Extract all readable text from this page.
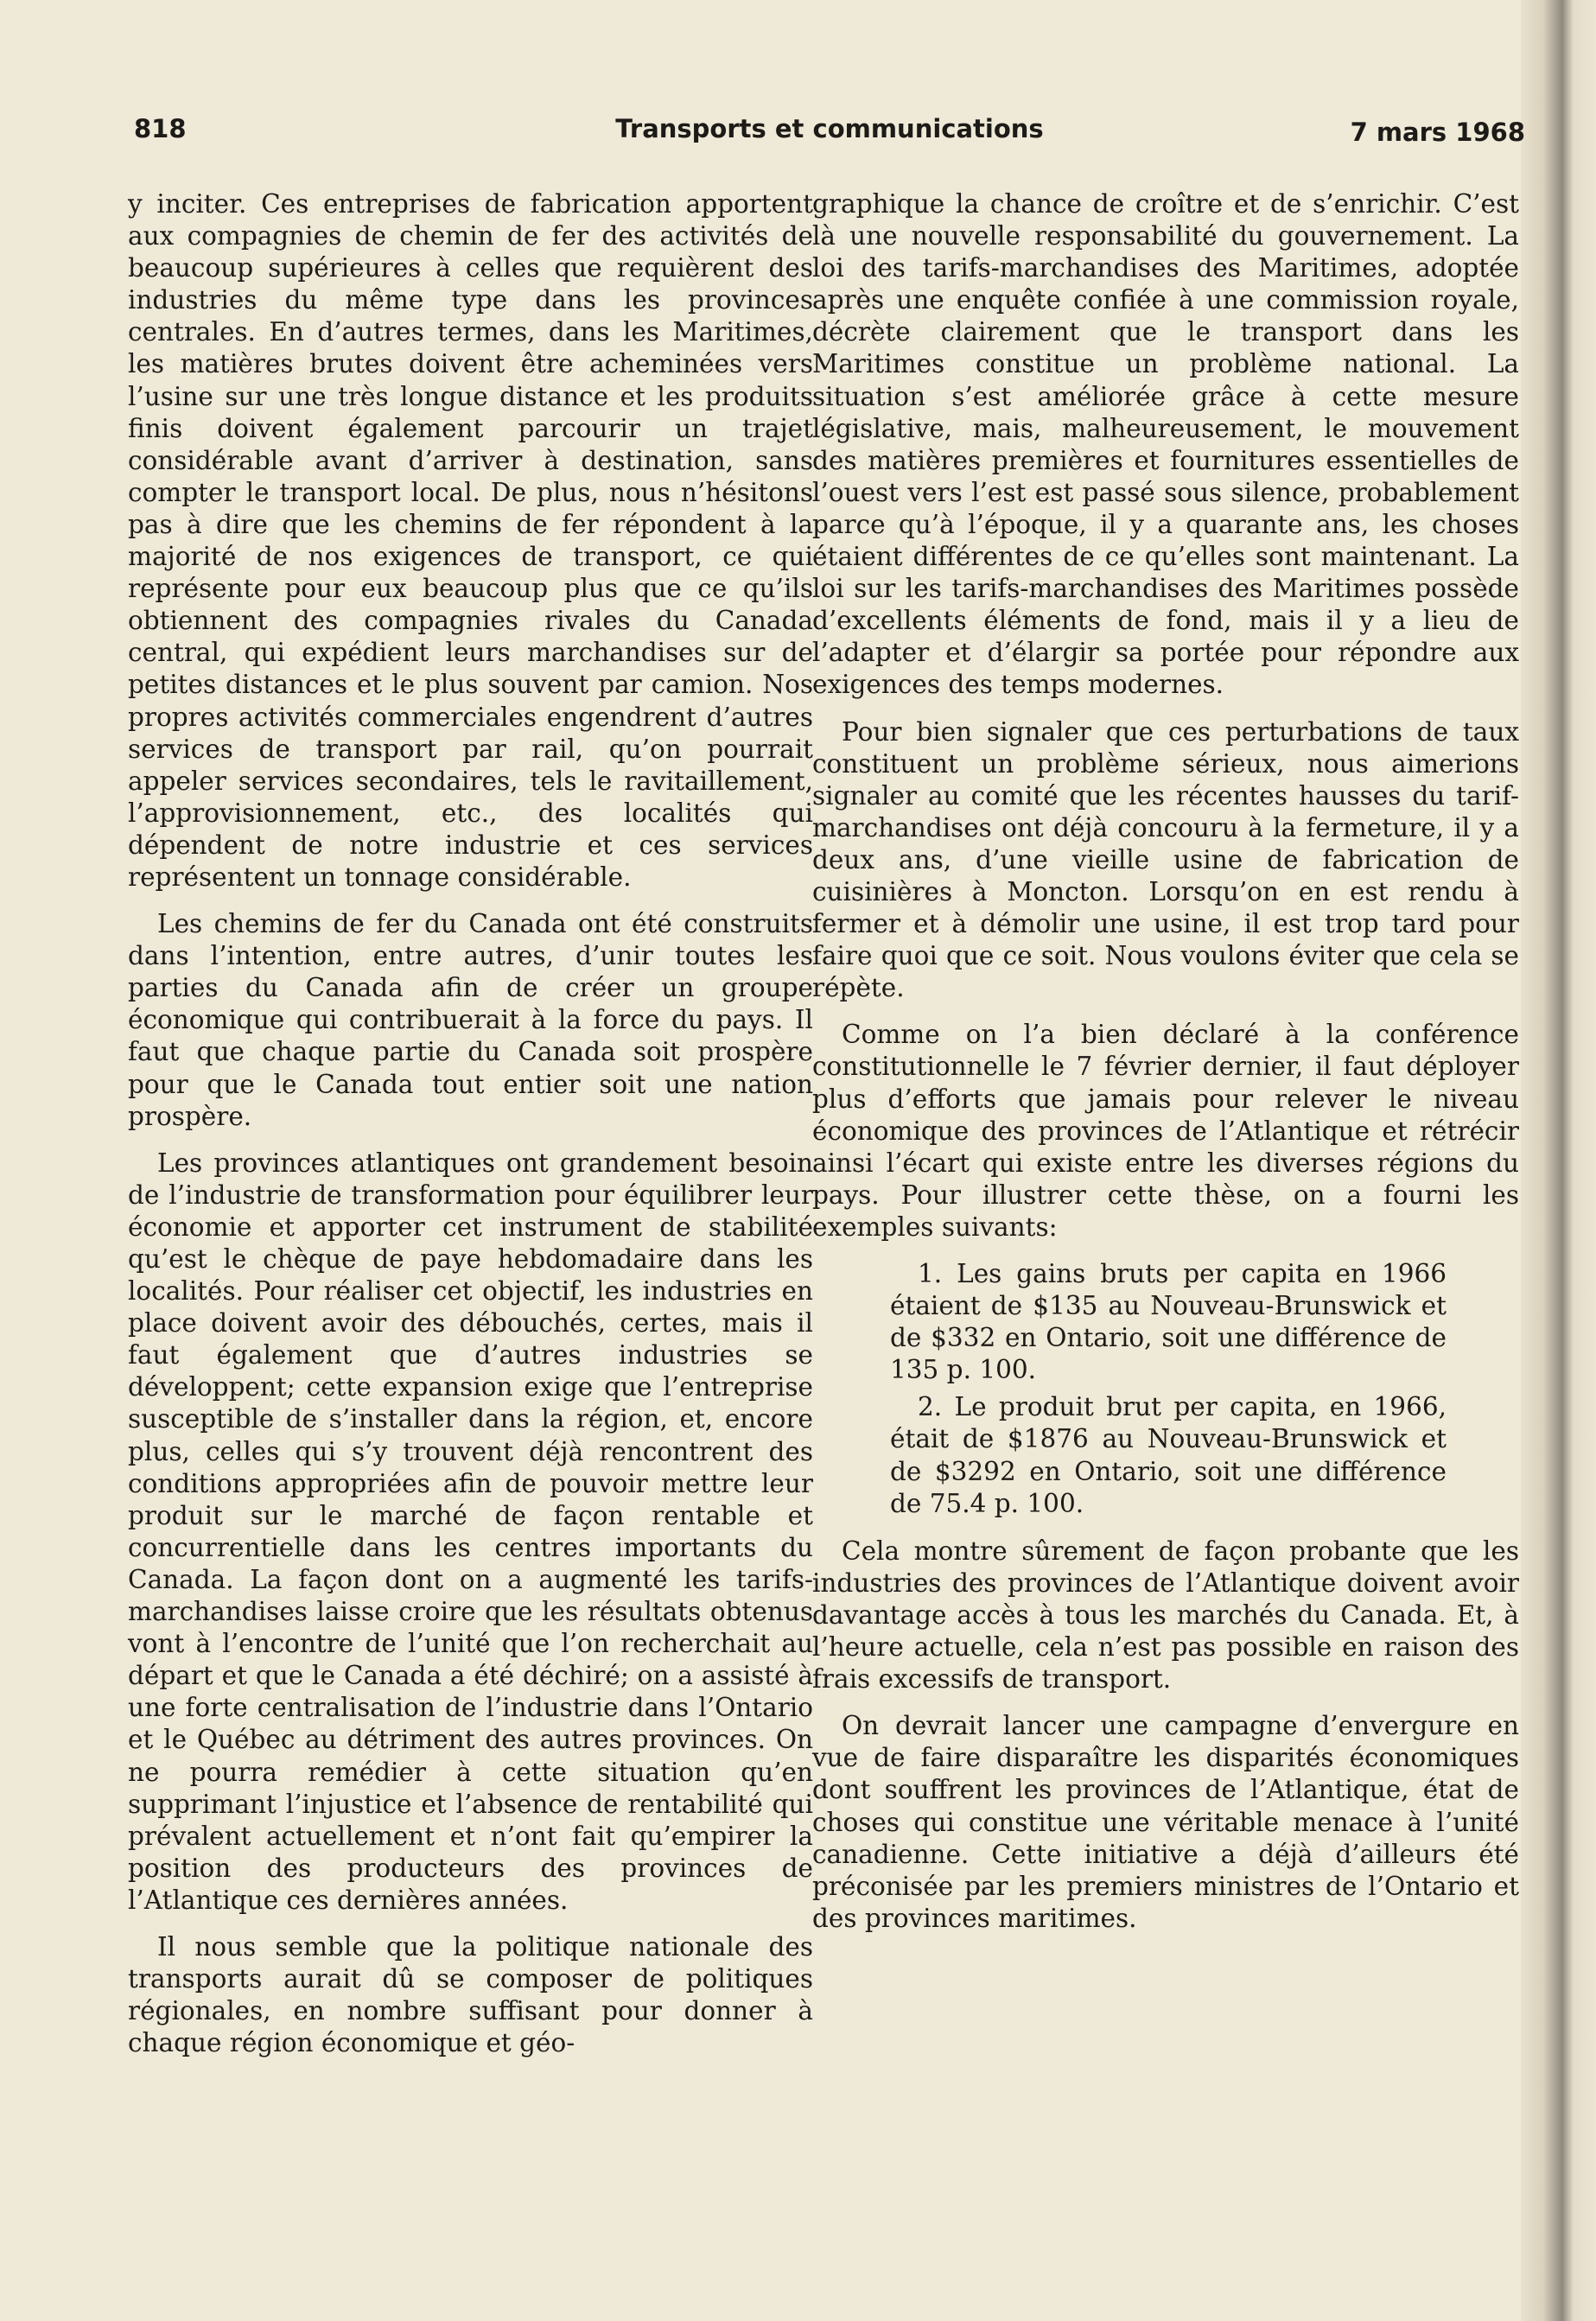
818	Transports et communications	7 mars 1968

y inciter. Ces entreprises de fabrication apportent aux compagnies de chemin de fer des activités de beaucoup supérieures à celles que requièrent des industries du même type dans les provinces centrales. En d’autres termes, dans les Maritimes, les matières brutes doivent être acheminées vers l’usine sur une très longue distance et les produits finis doivent également parcourir un trajet considérable avant d’arriver à destination, sans compter le transport local. De plus, nous n’hésitons pas à dire que les chemins de fer répondent à la majorité de nos exigences de transport, ce qui représente pour eux beaucoup plus que ce qu’ils obtiennent des compagnies rivales du Canada central, qui expédient leurs marchandises sur de petites distances et le plus souvent par camion. Nos propres activités commerciales engendrent d’autres services de transport par rail, qu’on pourrait appeler services secondaires, tels le ravitaillement, l’approvisionnement, etc., des localités qui dépendent de notre industrie et ces services représentent un tonnage considérable.

Les chemins de fer du Canada ont été construits dans l’intention, entre autres, d’unir toutes les parties du Canada afin de créer un groupe économique qui contribuerait à la force du pays. Il faut que chaque partie du Canada soit prospère pour que le Canada tout entier soit une nation prospère.

Les provinces atlantiques ont grandement besoin de l’industrie de transformation pour équilibrer leur économie et apporter cet instrument de stabilité qu’est le chèque de paye hebdomadaire dans les localités. Pour réaliser cet objectif, les industries en place doivent avoir des débouchés, certes, mais il faut également que d’autres industries se développent; cette expansion exige que l’entreprise susceptible de s’installer dans la région, et, encore plus, celles qui s’y trouvent déjà rencontrent des conditions appropriées afin de pouvoir mettre leur produit sur le marché de façon rentable et concurrentielle dans les centres importants du Canada. La façon dont on a augmenté les tarifs-marchandises laisse croire que les résultats obtenus vont à l’encontre de l’unité que l’on recherchait au départ et que le Canada a été déchiré; on a assisté à une forte centralisation de l’industrie dans l’Ontario et le Québec au détriment des autres provinces. On ne pourra remédier à cette situation qu’en supprimant l’injustice et l’absence de rentabilité qui prévalent actuellement et n’ont fait qu’empirer la position des producteurs des provinces de l’Atlantique ces dernières années.

Il nous semble que la politique nationale des transports aurait dû se composer de politiques régionales, en nombre suffisant pour donner à chaque région économique et géo-

graphique la chance de croître et de s’enrichir. C’est là une nouvelle responsabilité du gouvernement. La loi des tarifs-marchandises des Maritimes, adoptée après une enquête confiée à une commission royale, décrète clairement que le transport dans les Maritimes constitue un problème national. La situation s’est améliorée grâce à cette mesure législative, mais, malheureusement, le mouvement des matières premières et fournitures essentielles de l’ouest vers l’est est passé sous silence, probablement parce qu’à l’époque, il y a quarante ans, les choses étaient différentes de ce qu’elles sont maintenant. La loi sur les tarifs-marchandises des Maritimes possède d’excellents éléments de fond, mais il y a lieu de l’adapter et d’élargir sa portée pour répondre aux exigences des temps modernes.

Pour bien signaler que ces perturbations de taux constituent un problème sérieux, nous aimerions signaler au comité que les récentes hausses du tarif-marchandises ont déjà concouru à la fermeture, il y a deux ans, d’une vieille usine de fabrication de cuisinières à Moncton. Lorsqu’on en est rendu à fermer et à démolir une usine, il est trop tard pour faire quoi que ce soit. Nous voulons éviter que cela se répète.

Comme on l’a bien déclaré à la conférence constitutionnelle le 7 février dernier, il faut déployer plus d’efforts que jamais pour relever le niveau économique des provinces de l’Atlantique et rétrécir ainsi l’écart qui existe entre les diverses régions du pays. Pour illustrer cette thèse, on a fourni les exemples suivants:

1. Les gains bruts per capita en 1966 étaient de $135 au Nouveau-Brunswick et de $332 en Ontario, soit une différence de 135 p. 100.

2. Le produit brut per capita, en 1966, était de $1876 au Nouveau-Brunswick et de $3292 en Ontario, soit une différence de 75.4 p. 100.

Cela montre sûrement de façon probante que les industries des provinces de l’Atlantique doivent avoir davantage accès à tous les marchés du Canada. Et, à l’heure actuelle, cela n’est pas possible en raison des frais excessifs de transport.

On devrait lancer une campagne d’envergure en vue de faire disparaître les disparités économiques dont souffrent les provinces de l’Atlantique, état de choses qui constitue une véritable menace à l’unité canadienne. Cette initiative a déjà d’ailleurs été préconisée par les premiers ministres de l’Ontario et des provinces maritimes.
